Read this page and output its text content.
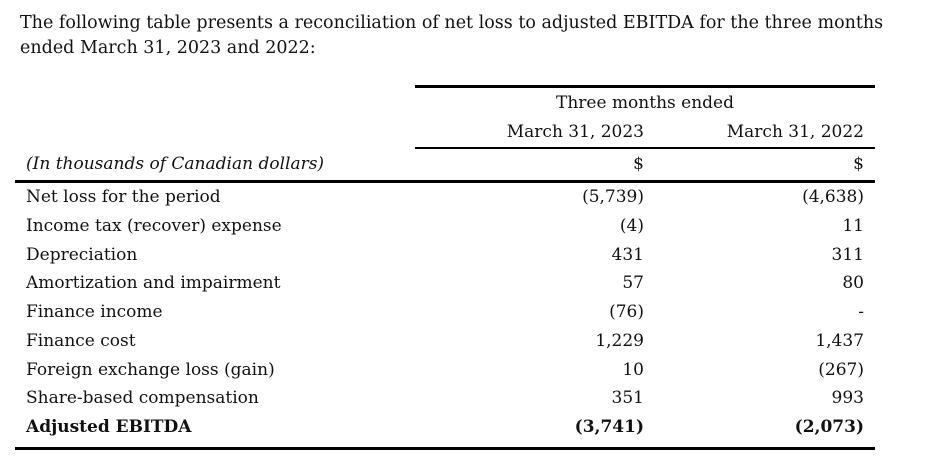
The following table presents a reconciliation of net loss to adjusted EBITDA for the three months ended March 31, 2023 and 2022:
Three months ended
March 31, 2023	March 31, 2022
(In thousands of Canadian dollars)	$	$
Net loss for the period	(5,739)	(4,638)
Income tax (recover) expense	(4)	11
Depreciation	431	311
Amortization and impairment	57	80
Finance income	(76)	-
Finance cost	1,229	1,437
Foreign exchange loss (gain)	10	(267)
Share-based compensation	351	993
Adjusted EBITDA	(3,741)	(2,073)
